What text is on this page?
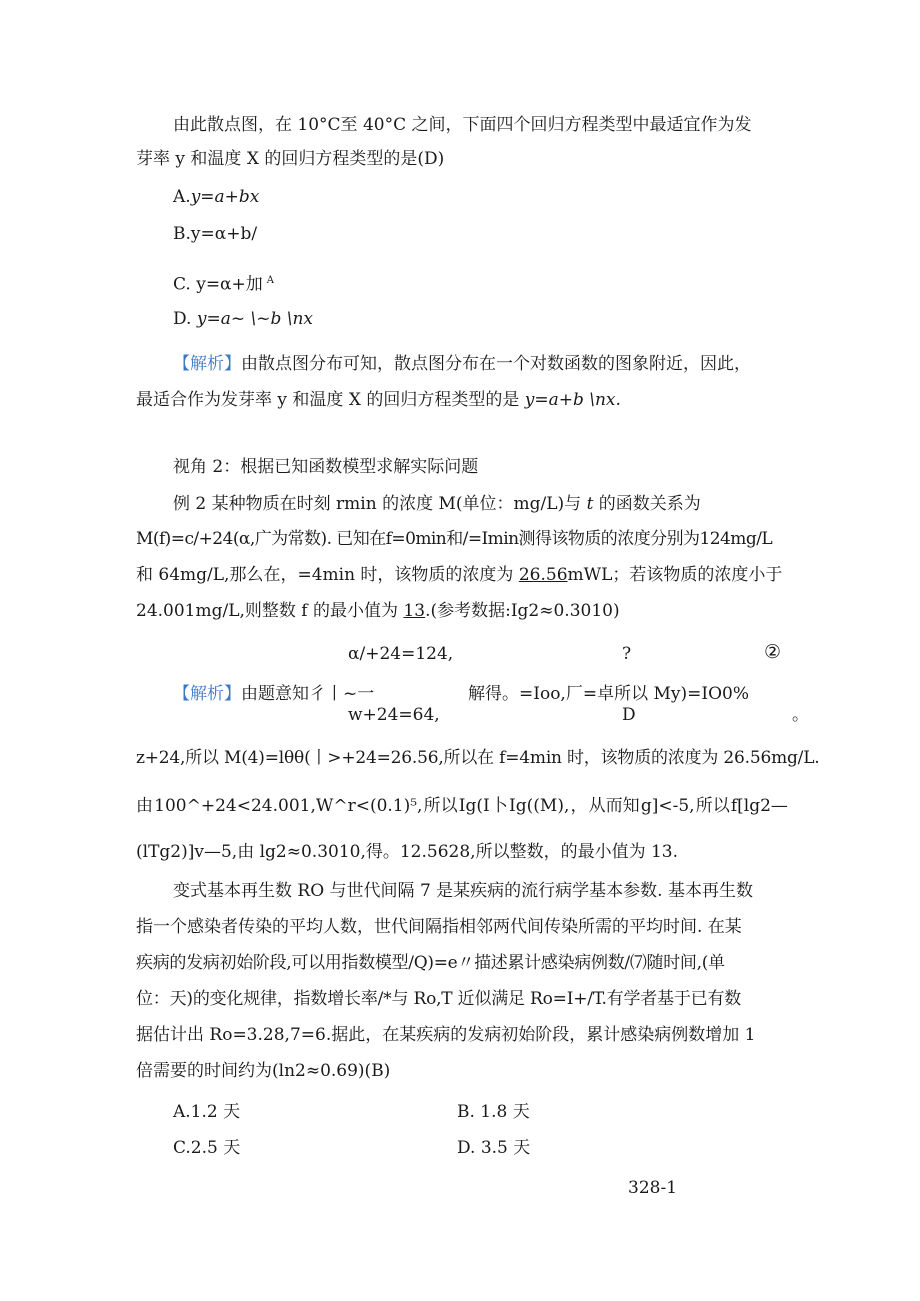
由此散点图，在 10°C至 40°C 之间，下面四个回归方程类型中最适宜作为发
芽率 y 和温度 X 的回归方程类型的是(D)
A.y=a+bx
B.y=α+b/
C. y=α+加 $^A$
D. y=a~ \~b \nx
【解析】由散点图分布可知，散点图分布在一个对数函数的图象附近，因此，
最适合作为发芽率 y 和温度 X 的回归方程类型的是 y=a+b \nx.
视角 2：根据已知函数模型求解实际问题
例 2 某种物质在时刻 rmin 的浓度 M(单位：mg/L)与 t 的函数关系为
M(f)=c/+24(α,广为常数). 已知在f=0min和/=Imin测得该物质的浓度分别为124mg/L
和 64mg/L,那么在，=4min 时，该物质的浓度为 26.56mWL；若该物质的浓度小于
24.001mg/L,则整数 f 的最小值为 13.(参考数据:Ig2≈0.3010)
α/+24=124,	?	②
【解析】由题意知彳丨~一	解得。=Ioo,厂=卓所以 My)=IO0%
。
w+24=64,	D
z+24,所以 M(4)=lθθ(丨>+24=26.56,所以在 f=4min 时，该物质的浓度为 26.56mg/L.
由 100^+24<24.001,W^r<(0.1)⁵, 所以 Ig(I 卜 Ig((M), ， 从而知 g]<-5, 所以 f[lg2—
(lTg2)]v—5,由 lg2≈0.3010,得。12.5628,所以整数，的最小值为 13.
变式基本再生数 RO 与世代间隔 7 是某疾病的流行病学基本参数. 基本再生数
指一个感染者传染的平均人数，世代间隔指相邻两代间传染所需的平均时间. 在某
疾病的发病初始阶段,可以用指数模型/Q)=e〃描述累计感染病例数/⑺随时间,(单
位：天)的变化规律，指数增长率/*与 Ro,T 近似满足 Ro=I+/T.有学者基于已有数
据估计出 Ro=3.28,7=6.据此，在某疾病的发病初始阶段，累计感染病例数增加 1
倍需要的时间约为(ln2≈0.69)(B)
A.1.2 天	B. 1.8 天
C.2.5 天	D. 3.5 天
328-1
